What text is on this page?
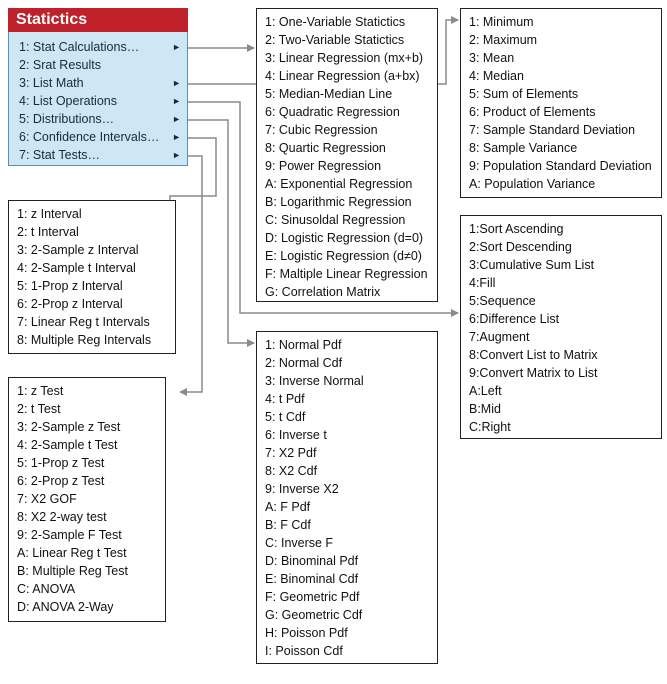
Statictics
1: Stat Calculations…	►
2: Srat Results
3: List Math	►
4: List Operations	►
5: Distributions…	►
6: Confidence Intervals… ►
7: Stat Tests…	►
1: One-Variable Statictics
2: Two-Variable Statictics
3: Linear Regression (mx+b)
4: Linear Regression (a+bx)
5: Median-Median Line
6: Quadratic Regression
7: Cubic Regression
8: Quartic Regression
9: Power Regression
A: Exponential Regression
B: Logarithmic Regression
C: Sinusoldal Regression
D: Logistic Regression (d=0)
E: Logistic Regression (d≠0)
F: Maltiple Linear Regression
G: Correlation Matrix
1: Minimum
2: Maximum
3: Mean
4: Median
5: Sum of Elements
6: Product of Elements
7: Sample Standard Deviation
8: Sample Variance
9: Population Standard Deviation
A: Population Variance
1:Sort Ascending
2:Sort Descending
3:Cumulative Sum List
4:Fill
5:Sequence
6:Difference List
7:Augment
8:Convert List to Matrix
9:Convert Matrix to List
A:Left
B:Mid
C:Right
1: z Interval
2: t Interval
3: 2-Sample z Interval
4: 2-Sample t Interval
5: 1-Prop z Interval
6: 2-Prop z Interval
7: Linear Reg t Intervals
8: Multiple Reg Intervals
1: z Test
2: t Test
3: 2-Sample z Test
4: 2-Sample t Test
5: 1-Prop z Test
6: 2-Prop z Test
7: X2 GOF
8: X2 2-way test
9: 2-Sample F Test
A: Linear Reg t Test
B: Multiple Reg Test
C: ANOVA
D: ANOVA 2-Way
1: Normal Pdf
2: Normal Cdf
3: Inverse Normal
4: t Pdf
5: t Cdf
6: Inverse t
7: X2 Pdf
8: X2 Cdf
9: Inverse X2
A: F Pdf
B: F Cdf
C: Inverse F
D: Binominal Pdf
E: Binominal Cdf
F: Geometric Pdf
G: Geometric Cdf
H: Poisson Pdf
I: Poisson Cdf
